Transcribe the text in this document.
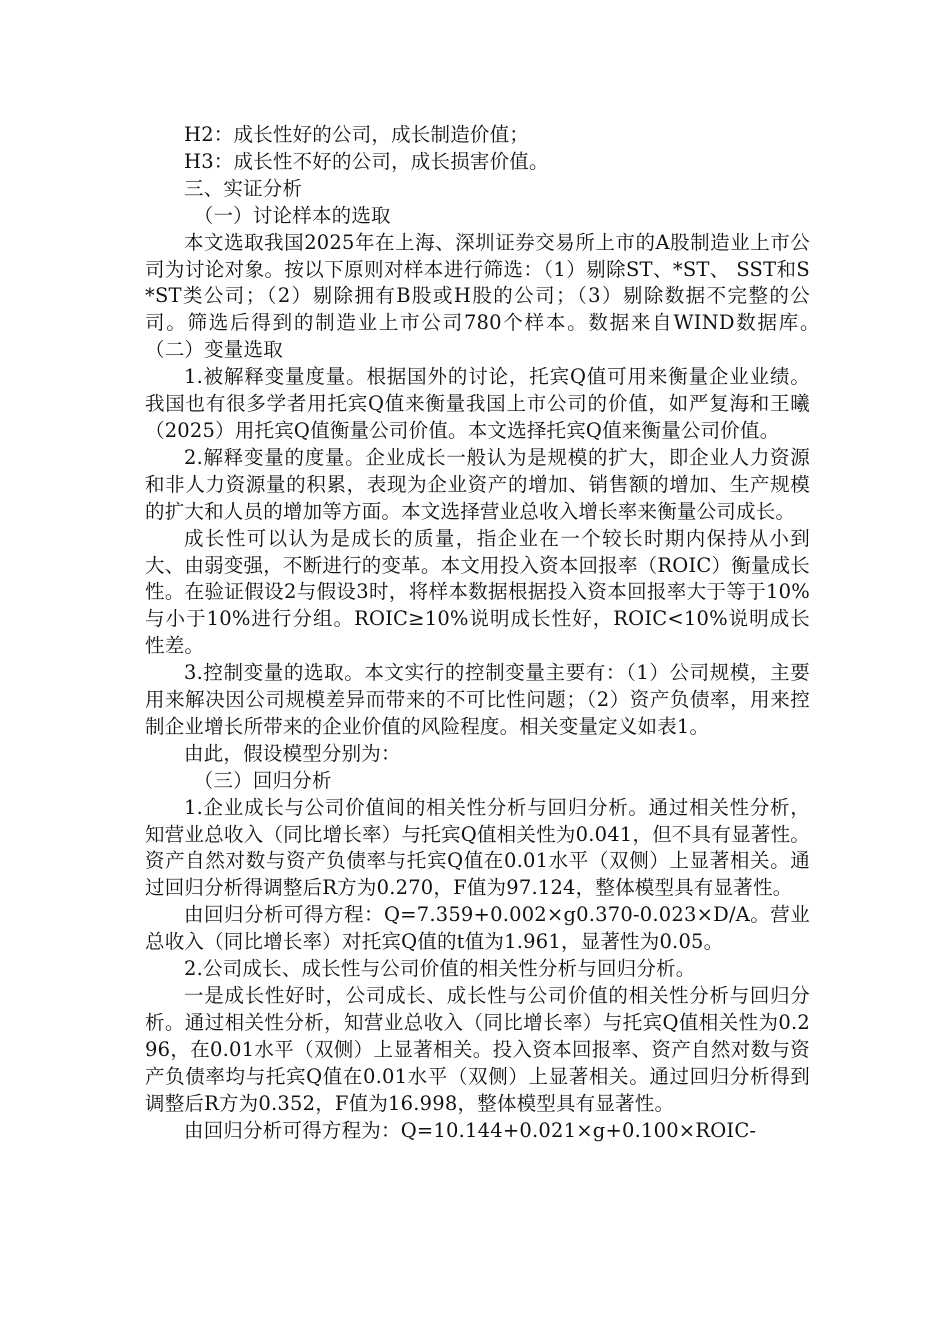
H2：成长性好的公司，成长制造价值；

H3：成长性不好的公司，成长损害价值。

三、实证分析

（一）讨论样本的选取

本文选取我国2025年在上海、深圳证券交易所上市的A股制造业上市公司为讨论对象。按以下原则对样本进行筛选：（1）剔除ST、*ST、 SST和S*ST类公司；（2）剔除拥有B股或H股的公司；（3）剔除数据不完整的公司。筛选后得到的制造业上市公司780个样本。数据来自WIND数据库。　　　　　（二）变量选取

1.被解释变量度量。根据国外的讨论，托宾Q值可用来衡量企业业绩。我国也有很多学者用托宾Q值来衡量我国上市公司的价值，如严复海和王曦（2025）用托宾Q值衡量公司价值。本文选择托宾Q值来衡量公司价值。

2.解释变量的度量。企业成长一般认为是规模的扩大，即企业人力资源和非人力资源量的积累，表现为企业资产的增加、销售额的增加、生产规模的扩大和人员的增加等方面。本文选择营业总收入增长率来衡量公司成长。

成长性可以认为是成长的质量，指企业在一个较长时期内保持从小到大、由弱变强，不断进行的变革。本文用投入资本回报率（ROIC）衡量成长性。在验证假设2与假设3时，将样本数据根据投入资本回报率大于等于10%与小于10%进行分组。ROIC≥10%说明成长性好，ROIC<10%说明成长性差。

3.控制变量的选取。本文实行的控制变量主要有：（1）公司规模，主要用来解决因公司规模差异而带来的不可比性问题；（2）资产负债率，用来控制企业增长所带来的企业价值的风险程度。相关变量定义如表1。

由此，假设模型分别为：

（三）回归分析

1.企业成长与公司价值间的相关性分析与回归分析。通过相关性分析，知营业总收入（同比增长率）与托宾Q值相关性为0.041，但不具有显著性。资产自然对数与资产负债率与托宾Q值在0.01水平（双侧）上显著相关。通过回归分析得调整后R方为0.270，F值为97.124，整体模型具有显著性。

由回归分析可得方程：Q=7.359+0.002×g0.370-0.023×D/A。营业总收入（同比增长率）对托宾Q值的t值为1.961，显著性为0.05。

2.公司成长、成长性与公司价值的相关性分析与回归分析。

一是成长性好时，公司成长、成长性与公司价值的相关性分析与回归分析。通过相关性分析，知营业总收入（同比增长率）与托宾Q值相关性为0.296，在0.01水平（双侧）上显著相关。投入资本回报率、资产自然对数与资产负债率均与托宾Q值在0.01水平（双侧）上显著相关。通过回归分析得到调整后R方为0.352，F值为16.998，整体模型具有显著性。

由回归分析可得方程为：Q=10.144+0.021×g+0.100×ROIC-
